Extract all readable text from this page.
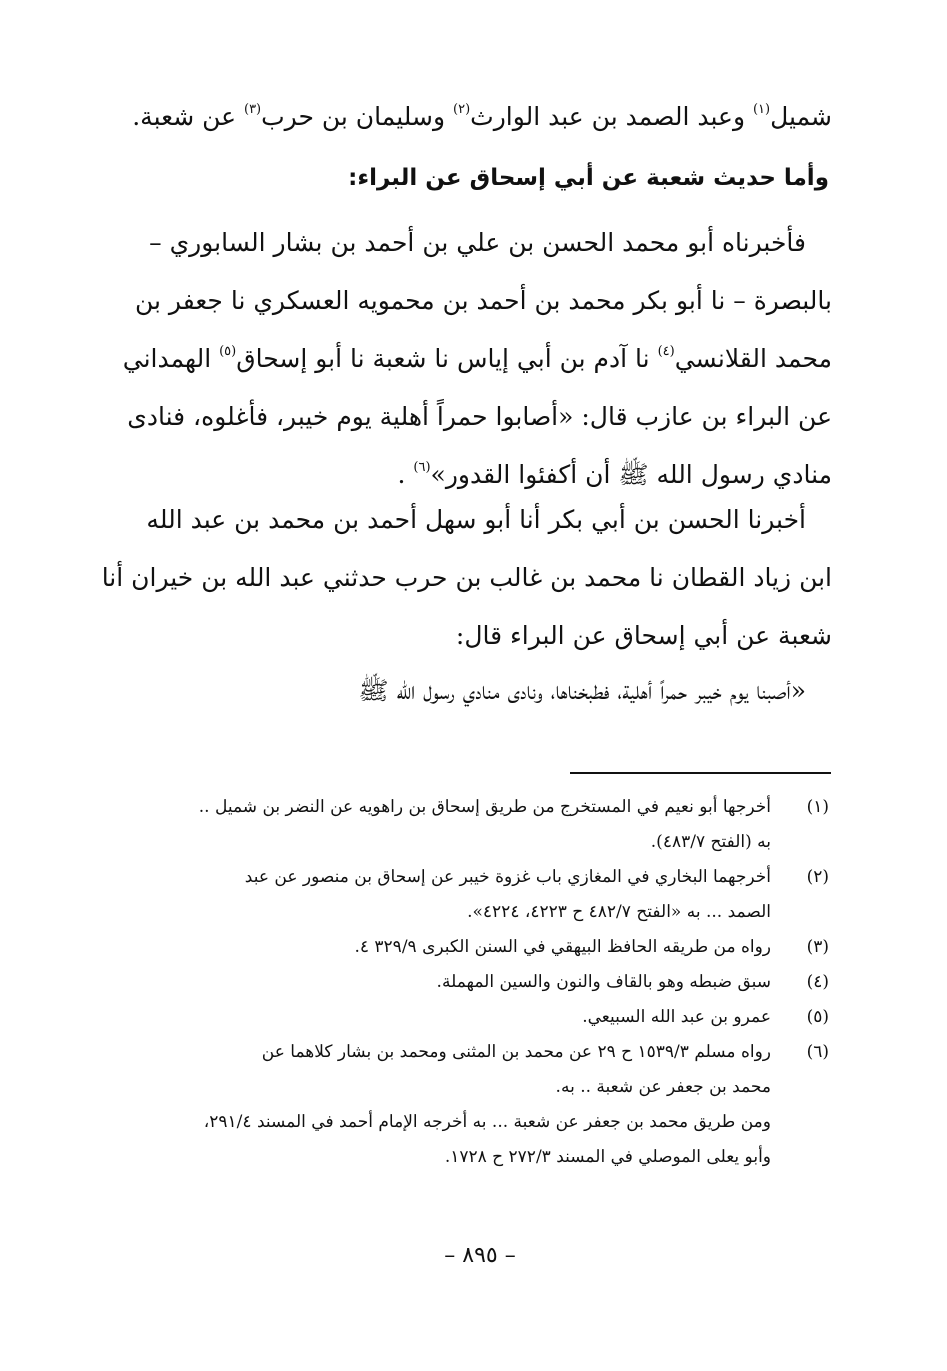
شميل$^{(١)}$ وعبد الصمد بن عبد الوارث$^{(٢)}$ وسليمان بن حرب$^{(٣)}$ عن شعبة.
وأما حديث شعبة عن أبي إسحاق عن البراء:
فأخبرناه أبو محمد الحسن بن علي بن أحمد بن بشار السابوري –
بالبصرة – نا أبو بكر محمد بن أحمد بن محمويه العسكري نا جعفر بن
محمد القلانسي$^{(٤)}$ نا آدم بن أبي إياس نا شعبة نا أبو إسحاق$^{(٥)}$ الهمداني
عن البراء بن عازب قال: «أصابوا حمراً أهلية يوم خيبر، فأغلوه، فنادى
منادي رسول الله ﷺ أن أكفئوا القدور»$^{(٦)}$ .
أخبرنا الحسن بن أبي بكر أنا أبو سهل أحمد بن محمد بن عبد الله
ابن زياد القطان نا محمد بن غالب بن حرب حدثني عبد الله بن خيران أنا
شعبة عن أبي إسحاق عن البراء قال:
«أصبنا يوم خيبر حمراً أهلية، فطبخناها، ونادى منادي رسول الله ﷺ
(١)
أخرجها أبو نعيم في المستخرج من طريق إسحاق بن راهويه عن النضر بن شميل ..
به (الفتح ٤٨٣/٧).
(٢)
أخرجهما البخاري في المغازي باب غزوة خيبر عن إسحاق بن منصور عن عبد
الصمد ... به «الفتح ٤٨٢/٧ ح ٤٢٢٣، ٤٢٢٤».
(٣)
رواه من طريقه الحافظ البيهقي في السنن الكبرى ٣٢٩/٩ ٤.
(٤)
سبق ضبطه وهو بالقاف والنون والسين المهملة.
(٥)
عمرو بن عبد الله السبيعي.
(٦)
رواه مسلم ١٥٣٩/٣ ح ٢٩ عن محمد بن المثنى ومحمد بن بشار كلاهما عن
محمد بن جعفر عن شعبة .. به.
ومن طريق محمد بن جعفر عن شعبة ... به أخرجه الإمام أحمد في المسند ٢٩١/٤،
وأبو يعلى الموصلي في المسند ٢٧٢/٣ ح ١٧٢٨.
– ٨٩٥ –
